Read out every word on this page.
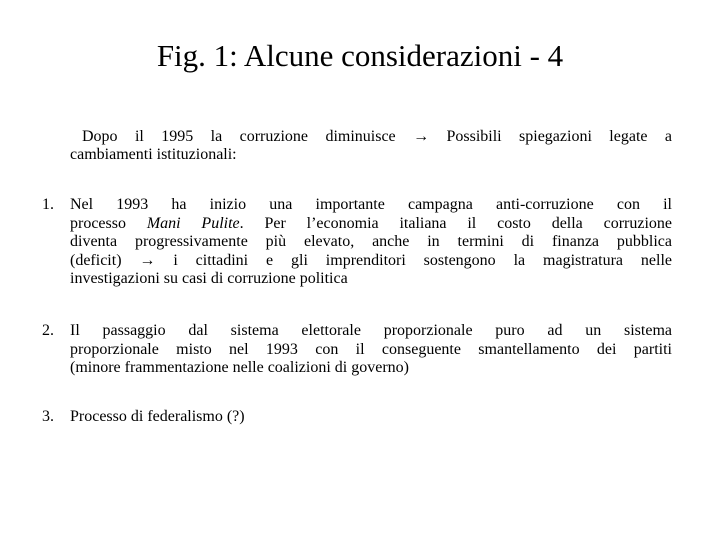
Fig. 1: Alcune considerazioni - 4
Dopo il 1995 la corruzione diminuisce → Possibili spiegazioni legate a
cambiamenti istituzionali:
1.	Nel 1993 ha inizio una importante campagna anti-corruzione con il
processo Mani Pulite. Per l’economia italiana il costo della corruzione
diventa progressivamente più elevato, anche in termini di finanza pubblica
(deficit) → i cittadini e gli imprenditori sostengono la magistratura nelle
investigazioni su casi di corruzione politica
2.	Il passaggio dal sistema elettorale proporzionale puro ad un sistema
proporzionale misto nel 1993 con il conseguente smantellamento dei partiti
(minore frammentazione nelle coalizioni di governo)
3.	Processo di federalismo (?)
